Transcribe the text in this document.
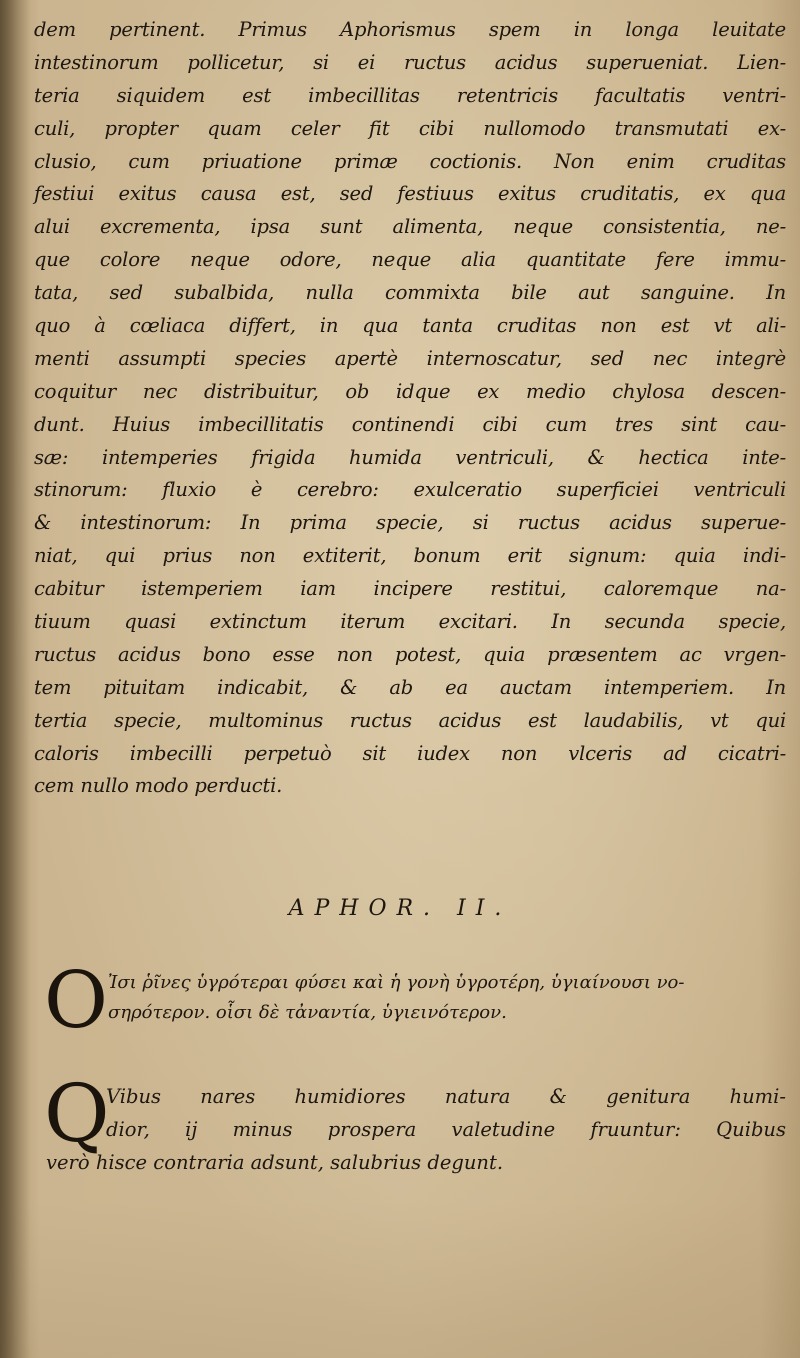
dem pertinent. Primus Aphorismus spem in longa leuitate
intestinorum pollicetur, si ei ructus acidus superueniat. Lien-
teria siquidem est imbecillitas retentricis facultatis ventri-
culi, propter quam celer fit cibi nullomodo transmutati ex-
clusio, cum priuatione primæ coctionis. Non enim cruditas
festiui exitus causa est, sed festiuus exitus cruditatis, ex qua
alui excrementa, ipsa sunt alimenta, neque consistentia, ne-
que colore neque odore, neque alia quantitate fere immu-
tata, sed subalbida, nulla commixta bile aut sanguine. In
quo à cœliaca differt, in qua tanta cruditas non est vt ali-
menti assumpti species apertè internoscatur, sed nec integrè
coquitur nec distribuitur, ob idque ex medio chylosa descen-
dunt. Huius imbecillitatis continendi cibi cum tres sint cau-
sæ: intemperies frigida humida ventriculi, & hectica inte-
stinorum: fluxio è cerebro: exulceratio superficiei ventriculi
& intestinorum: In prima specie, si ructus acidus superue-
niat, qui prius non extiterit, bonum erit signum: quia indi-
cabitur istemperiem iam incipere restitui, caloremque na-
tiuum quasi extinctum iterum excitari. In secunda specie,
ructus acidus bono esse non potest, quia præsentem ac vrgen-
tem pituitam indicabit, & ab ea auctam intemperiem. In
tertia specie, multominus ructus acidus est laudabilis, vt qui
caloris imbecilli perpetuò sit iudex non vlceris ad cicatri-
cem nullo modo perducti.
APHOR. II.
O Ἰσι ῥῖνες ὑγρότεραι φύσει καὶ ἡ γονὴ ὑγροτέρη, ὑγιαίνουσι νο-
σηρότερον. οἷσι δὲ τἀναντία, ὑγιεινότερον.
Q
Vibus nares humidiores natura & genitura humi-
dior, ij minus prospera valetudine fruuntur: Quibus
verò hisce contraria adsunt, salubrius degunt.
